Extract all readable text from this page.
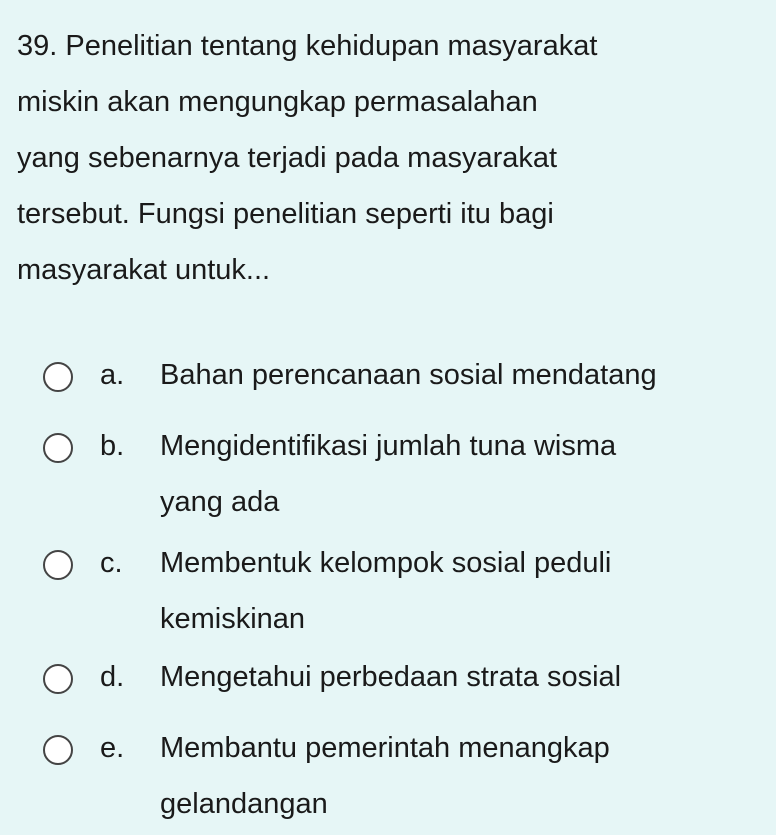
39. Penelitian tentang kehidupan masyarakat
miskin akan mengungkap permasalahan
yang sebenarnya terjadi pada masyarakat
tersebut. Fungsi penelitian seperti itu bagi
masyarakat untuk...
a. Bahan perencanaan sosial mendatang
b. Mengidentifikasi jumlah tuna wisma
yang ada
c. Membentuk kelompok sosial peduli
kemiskinan
d. Mengetahui perbedaan strata sosial
e. Membantu pemerintah menangkap
gelandangan
